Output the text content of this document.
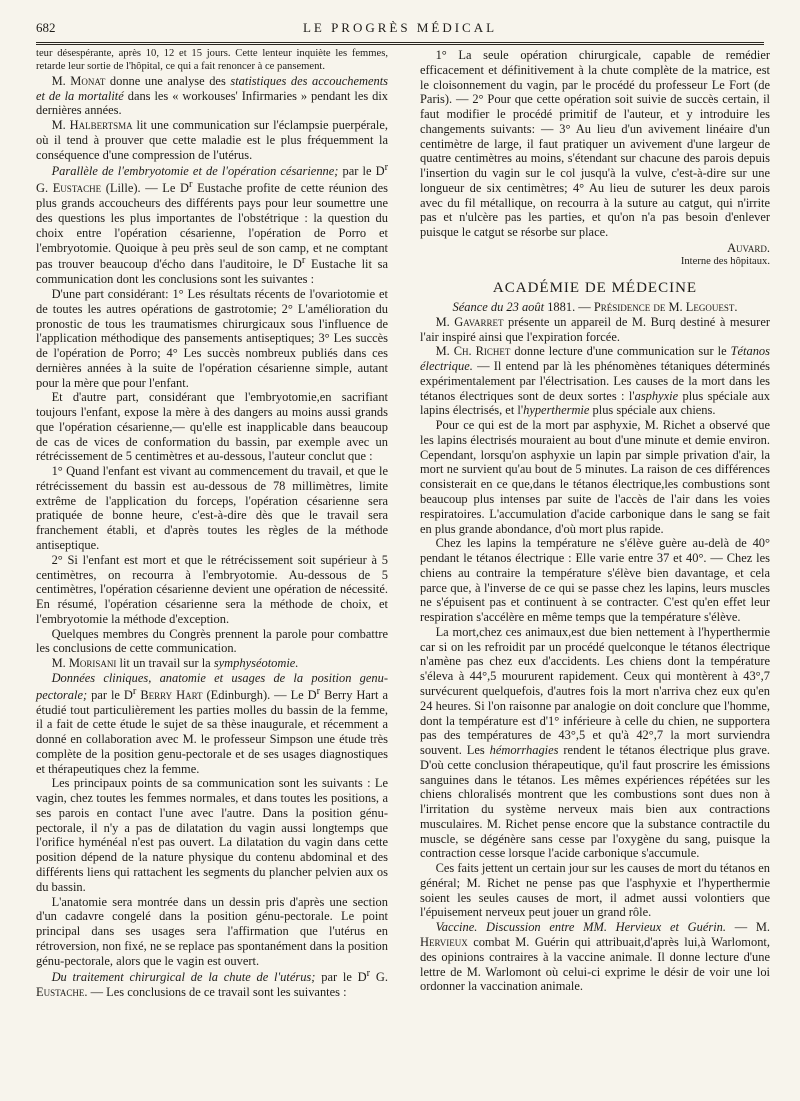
682	LE PROGRÈS MÉDICAL

teur désespérante, après 10, 12 et 15 jours. Cette lenteur inquiète les femmes, retarde leur sortie de l'hôpital, ce qui a fait renoncer à ce pansement.

M. Monat donne une analyse des statistiques des accouchements et de la mortalité dans les « workouses' Infirmaries » pendant les dix dernières années.

M. Halbertsma lit une communication sur l'éclampsie puerpérale, où il tend à prouver que cette maladie est le plus fréquemment la conséquence d'une compression de l'utérus.

Parallèle de l'embryotomie et de l'opération césarienne; par le $D^r$ G. Eustache (Lille). — Le $D^r$ Eustache profite de cette réunion des plus grands accoucheurs des différents pays pour leur soumettre une des questions les plus importantes de l'obstétrique : la question du choix entre l'opération césarienne, l'opération de Porro et l'embryotomie. Quoique à peu près seul de son camp, et ne comptant pas trouver beaucoup d'écho dans l'auditoire, le $D^r$ Eustache lit sa communication dont les conclusions sont les suivantes :

D'une part considérant: 1° Les résultats récents de l'ovariotomie et de toutes les autres opérations de gastrotomie; 2° L'amélioration du pronostic de tous les traumatismes chirurgicaux sous l'influence de l'application méthodique des pansements antiseptiques; 3° Les succès de l'opération de Porro; 4° Les succès nombreux publiés dans ces dernières années à la suite de l'opération césarienne simple, autant pour la mère que pour l'enfant.

Et d'autre part, considérant que l'embryotomie,en sacrifiant toujours l'enfant, expose la mère à des dangers au moins aussi grands que l'opération césarienne,— qu'elle est inapplicable dans beaucoup de cas de vices de conformation du bassin, par exemple avec un rétrécissement de 5 centimètres et au-dessous, l'auteur conclut que :

1° Quand l'enfant est vivant au commencement du travail, et que le rétrécissement du bassin est au-dessous de 78 millimètres, limite extrême de l'application du forceps, l'opération césarienne sera pratiquée de bonne heure, c'est-à-dire dès que le travail sera franchement établi, et d'après toutes les règles de la méthode antiseptique.

2° Si l'enfant est mort et que le rétrécissement soit supérieur à 5 centimètres, on recourra à l'embryotomie. Au-dessous de 5 centimètres, l'opération césarienne devient une opération de nécessité. En résumé, l'opération césarienne sera la méthode de choix, et l'embryotomie la méthode d'exception.

Quelques membres du Congrès prennent la parole pour combattre les conclusions de cette communication.

M. Morisani lit un travail sur la symphyséotomie.

Données cliniques, anatomie et usages de la position genu-pectorale; par le $D^r$ Berry Hart (Edinburgh). — Le $D^r$ Berry Hart a étudié tout particulièrement les parties molles du bassin de la femme, il a fait de cette étude le sujet de sa thèse inaugurale, et récemment a donné en collaboration avec M. le professeur Simpson une étude très complète de la position genu-pectorale et de ses usages diagnostiques et thérapeutiques chez la femme.

Les principaux points de sa communication sont les suivants : Le vagin, chez toutes les femmes normales, et dans toutes les positions, a ses parois en contact l'une avec l'autre. Dans la position génu-pectorale, il n'y a pas de dilatation du vagin aussi longtemps que l'orifice hyménéal n'est pas ouvert. La dilatation du vagin dans cette position dépend de la nature physique du contenu abdominal et des différents liens qui rattachent les segments du plancher pelvien aux os du bassin.

L'anatomie sera montrée dans un dessin pris d'après une section d'un cadavre congelé dans la position génu-pectorale. Le point principal dans ses usages sera l'affirmation que l'utérus en rétroversion, non fixé, ne se replace pas spontanément dans la position génu-pectorale, alors que le vagin est ouvert.

Du traitement chirurgical de la chute de l'utérus; par le $D^r$ G. Eustache. — Les conclusions de ce travail sont les suivantes :

1° La seule opération chirurgicale, capable de remédier efficacement et définitivement à la chute complète de la matrice, est le cloisonnement du vagin, par le procédé du professeur Le Fort (de Paris). — 2° Pour que cette opération soit suivie de succès certain, il faut modifier le procédé primitif de l'auteur, et y introduire les changements suivants: — 3° Au lieu d'un avivement linéaire d'un centimètre de large, il faut pratiquer un avivement d'une largeur de quatre centimètres au moins, s'étendant sur chacune des parois depuis l'insertion du vagin sur le col jusqu'à la vulve, c'est-à-dire sur une longueur de six centimètres; 4° Au lieu de suturer les deux parois avec du fil métallique, on recourra à la suture au catgut, qui n'irrite pas et n'ulcère pas les parties, et qu'on n'a pas besoin d'enlever puisque le catgut se résorbe sur place.

Auvard.

Interne des hôpitaux.

ACADÉMIE DE MÉDECINE

Séance du 23 août 1881. — Présidence de M. Legouest.

M. Gavarret présente un appareil de M. Burq destiné à mesurer l'air inspiré ainsi que l'expiration forcée.

M. Ch. Richet donne lecture d'une communication sur le Tétanos électrique. — Il entend par là les phénomènes tétaniques déterminés expérimentalement par l'électrisation. Les causes de la mort dans les tétanos électriques sont de deux sortes : l'asphyxie plus spéciale aux lapins électrisés, et l'hyperthermie plus spéciale aux chiens.

Pour ce qui est de la mort par asphyxie, M. Richet a observé que les lapins électrisés mouraient au bout d'une minute et demie environ. Cependant, lorsqu'on asphyxie un lapin par simple privation d'air, la mort ne survient qu'au bout de 5 minutes. La raison de ces différences consisterait en ce que,dans le tétanos électrique,les combustions sont beaucoup plus intenses par suite de l'accès de l'air dans les voies respiratoires. L'accumulation d'acide carbonique dans le sang se fait en plus grande abondance, d'où mort plus rapide.

Chez les lapins la température ne s'élève guère au-delà de 40° pendant le tétanos électrique : Elle varie entre 37 et 40°. — Chez les chiens au contraire la température s'élève bien davantage, et cela parce que, à l'inverse de ce qui se passe chez les lapins, leurs muscles ne s'épuisent pas et continuent à se contracter. C'est qu'en effet leur respiration s'accélère en même temps que la température s'élève.

La mort,chez ces animaux,est due bien nettement à l'hyperthermie car si on les refroidit par un procédé quelconque le tétanos électrique n'amène pas chez eux d'accidents. Les chiens dont la température s'éleva à 44°,5 moururent rapidement. Ceux qui montèrent à 43°,7 survécurent quelquefois, d'autres fois la mort n'arriva chez eux qu'en 24 heures. Si l'on raisonne par analogie on doit conclure que l'homme, dont la température est d'1° inférieure à celle du chien, ne supportera pas des températures de 43°,5 et qu'à 42°,7 la mort surviendra souvent. Les hémorrhagies rendent le tétanos électrique plus grave. D'où cette conclusion thérapeutique, qu'il faut proscrire les émissions sanguines dans le tétanos. Les mêmes expériences répétées sur les chiens chloralisés montrent que les combustions sont dues non à l'irritation du système nerveux mais bien aux contractions musculaires. M. Richet pense encore que la substance contractile du muscle, se dégénère sans cesse par l'oxygène du sang, puisque la contraction cesse lorsque l'acide carbonique s'accumule.

Ces faits jettent un certain jour sur les causes de mort du tétanos en général; M. Richet ne pense pas que l'asphyxie et l'hyperthermie soient les seules causes de mort, il admet aussi volontiers que l'épuisement nerveux peut jouer un grand rôle.

Vaccine. Discussion entre MM. Hervieux et Guérin. — M. Hervieux combat M. Guérin qui attribuait,d'après lui,à Warlomont, des opinions contraires à la vaccine animale. Il donne lecture d'une lettre de M. Warlomont où celui-ci exprime le désir de voir une loi ordonner la vaccination animale.
